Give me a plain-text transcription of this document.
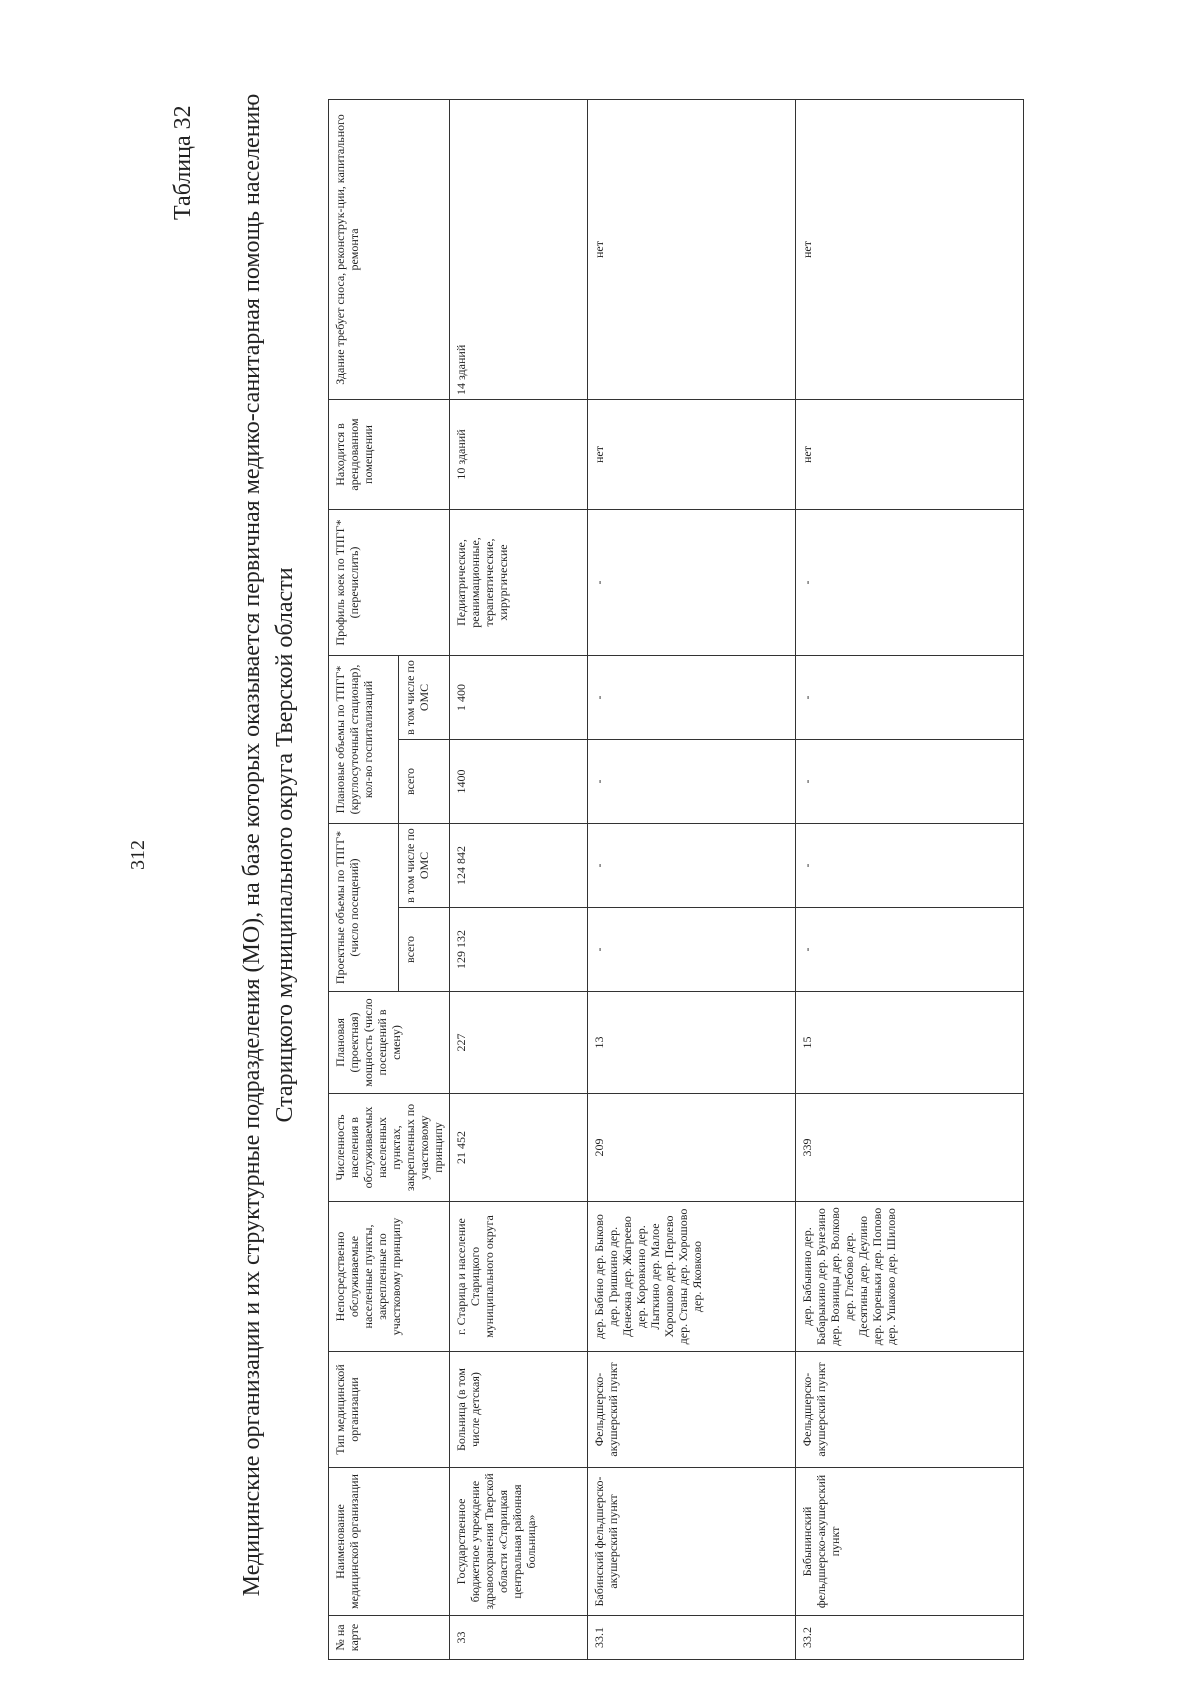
312
Таблица 32 Медицинские организации и их структурные подразделения (МО), на базе которых оказывается первичная медико-санитарная помощь населению Старицкого муниципального округа Тверской области
№ на карте	Наименование медицинской организации	Тип медицинской организации	Непосредственно обслуживаемые населенные пункты, закрепленные по участковому принципу	Численность населения в обслуживаемых населенных пунктах, закрепленных по участковому принципу	Плановая (проектная) мощность (число посещений в смену)	Проектные объемы по ТПГГ* (число посещений)		Плановые объемы по ТПГГ* (круглосуточный стационар), кол-во госпитализаций		Профиль коек по ТПГГ* (перечислить)	Находится в арендованном помещении	Здание требует сноса, реконструк-ции, капитального ремонта
						всего	в том числе по ОМС	всего	в том числе по ОМС			
33	Государственное бюджетное учреждение здравоохранения Тверской области «Старицкая центральная районная больница»	Больница (в том числе детская)	г. Старица и население Старицкого муниципального округа	21 452	227	129 132	124 842	1400	1 400	Педиатрические, реанимационные, терапевтические, хирургические	10 зданий	14 зданий
33.1	Бабинский фельдшерско-акушерский пункт	Фельдшерско-акушерский пункт	дер. Бабино дер. Быково дер. Гришкино дер. Денежна дер. Жагреево дер. Коровкино дер. Лыткино дер. Малое Хорошово дер. Перлево дер. Станы дер. Хорошово дер. Яковково	209	13	-	-	-	-	-	нет	нет
33.2	Бабынинский фельдшерско-акушерский пункт	Фельдшерско-акушерский пункт	дер. Бабынино дер. Бабарыкино дер. Бунезино дер. Возницы дер. Волково дер. Глебово дер. Десятины дер. Деулино дер. Кореньки дер. Попово дер. Ушаково дер. Шилово	339	15	-	-	-	-	-	нет	нет
